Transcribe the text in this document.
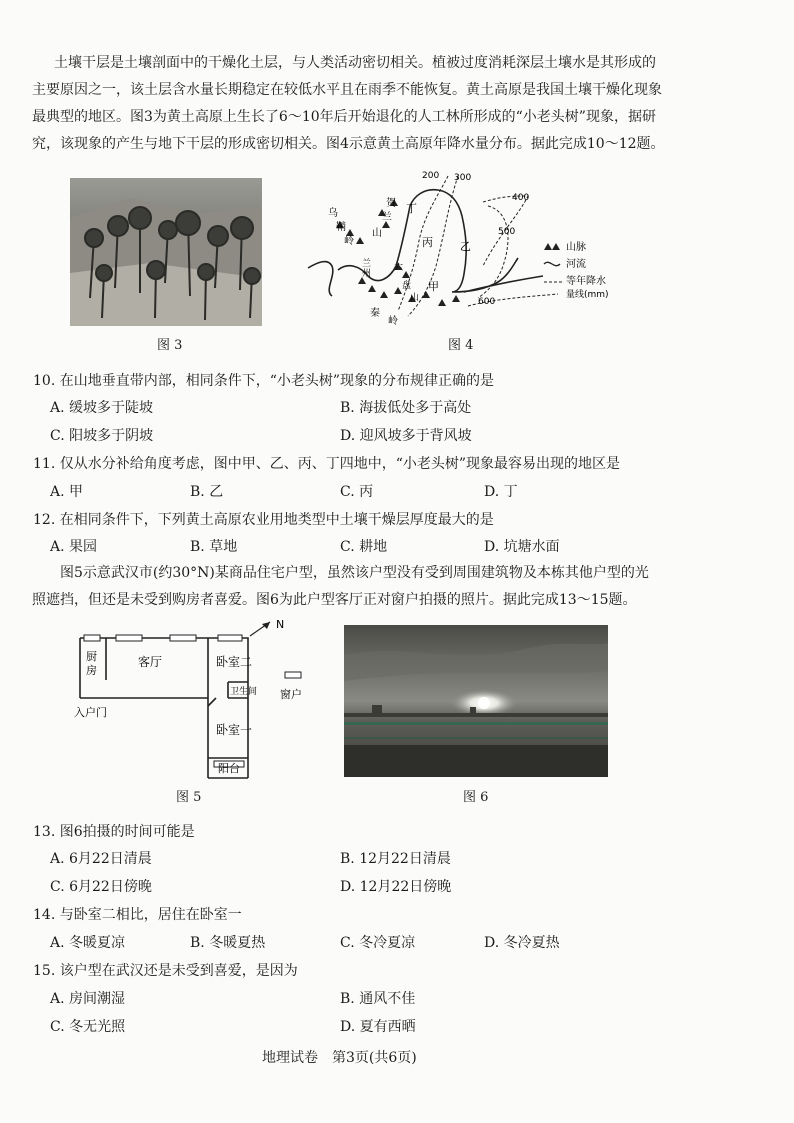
土壤干层是土壤剖面中的干燥化土层，与人类活动密切相关。植被过度消耗深层土壤水是其形成的
主要原因之一，该土层含水量长期稳定在较低水平且在雨季不能恢复。黄土高原是我国土壤干燥化现象
最典型的地区。图3为黄土高原上生长了6～10年后开始退化的人工林所形成的“小老头树”现象，据研
究，该现象的产生与地下干层的形成密切相关。图4示意黄土高原年降水量分布。据此完成10～12题。
图 3
200 300
400
500
600
乌
鞘
岭
贺
兰
山
兰
州
六
盘
山
秦
岭
甲
乙
丙
丁
山脉
河流
等年降水
量线(mm)
图 4
10. 在山地垂直带内部，相同条件下，“小老头树”现象的分布规律正确的是
A. 缓坡多于陡坡	B. 海拔低处多于高处
C. 阳坡多于阴坡	D. 迎风坡多于背风坡
11. 仅从水分补给角度考虑，图中甲、乙、丙、丁四地中，“小老头树”现象最容易出现的地区是
A. 甲	B. 乙	C. 丙	D. 丁
12. 在相同条件下，下列黄土高原农业用地类型中土壤干燥层厚度最大的是
A. 果园	B. 草地	C. 耕地	D. 坑塘水面
图5示意武汉市(约30°N)某商品住宅户型，虽然该户型没有受到周围建筑物及本栋其他户型的光
照遮挡，但还是未受到购房者喜爱。图6为此户型客厅正对窗户拍摄的照片。据此完成13～15题。
N
厨
房
客厅	卧室二
卫生间
卧室一
阳台
入户门
窗户
图 5	图 6
13. 图6拍摄的时间可能是
A. 6月22日清晨	B. 12月22日清晨
C. 6月22日傍晚	D. 12月22日傍晚
14. 与卧室二相比，居住在卧室一
A. 冬暖夏凉	B. 冬暖夏热	C. 冬冷夏凉	D. 冬冷夏热
15. 该户型在武汉还是未受到喜爱，是因为
A. 房间潮湿	B. 通风不佳
C. 冬无光照	D. 夏有西晒
地理试卷　第3页(共6页)
